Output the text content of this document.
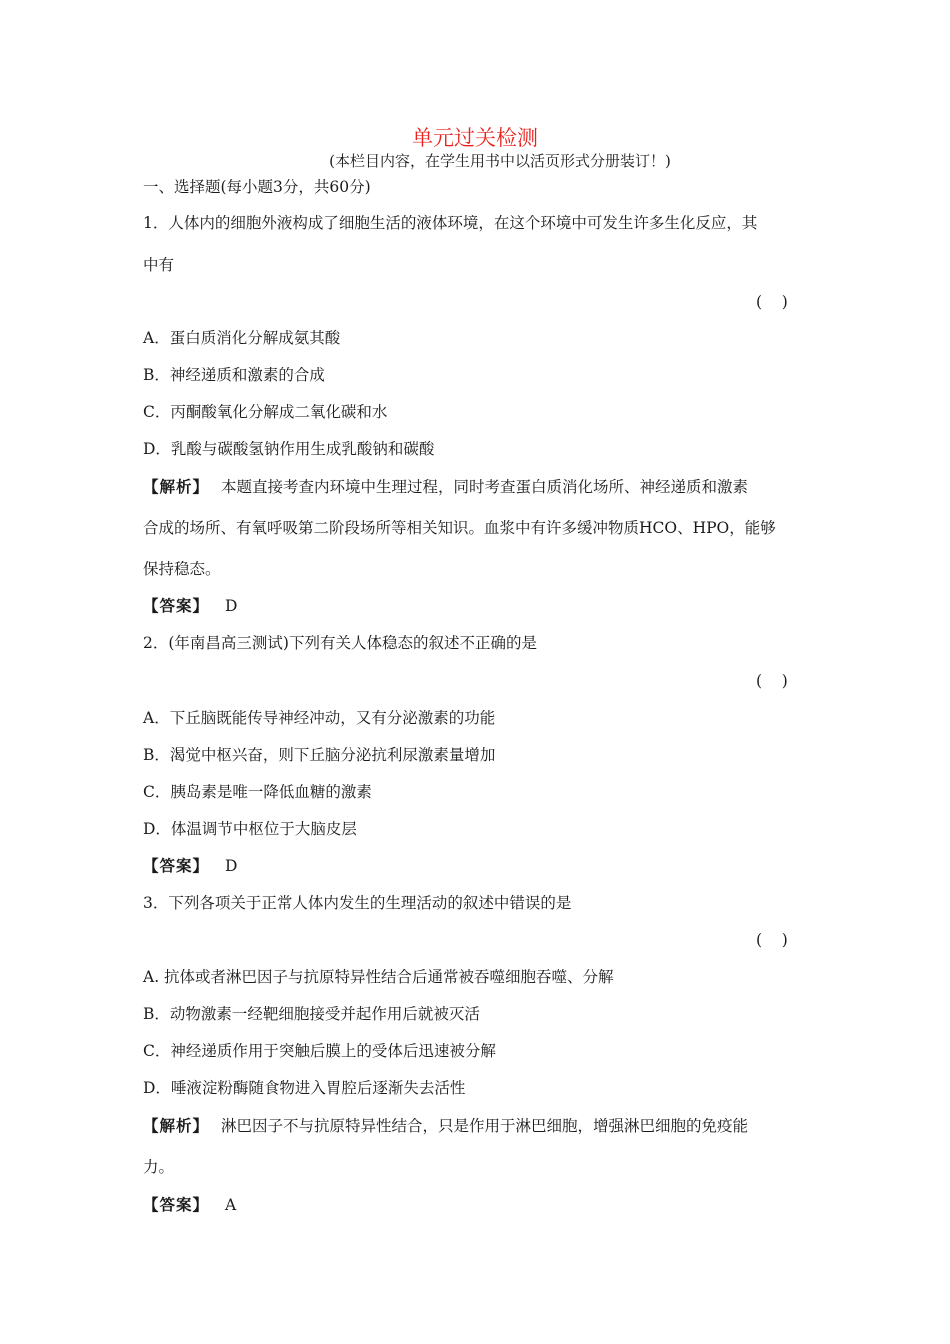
单元过关检测
(本栏目内容，在学生用书中以活页形式分册装订！)
一、选择题(每小题3分，共60分)
1．人体内的细胞外液构成了细胞生活的液体环境，在这个环境中可发生许多生化反应，其
中有
(    )
A．蛋白质消化分解成氨其酸
B．神经递质和激素的合成
C．丙酮酸氧化分解成二氧化碳和水
D．乳酸与碳酸氢钠作用生成乳酸钠和碳酸
【解析】 本题直接考查内环境中生理过程，同时考查蛋白质消化场所、神经递质和激素
合成的场所、有氧呼吸第二阶段场所等相关知识。血浆中有许多缓冲物质HCO、HPO，能够
保持稳态。
【答案】 D
2．(年南昌高三测试)下列有关人体稳态的叙述不正确的是
(    )
A．下丘脑既能传导神经冲动，又有分泌激素的功能
B．渴觉中枢兴奋，则下丘脑分泌抗利尿激素量增加
C．胰岛素是唯一降低血糖的激素
D．体温调节中枢位于大脑皮层
【答案】 D
3．下列各项关于正常人体内发生的生理活动的叙述中错误的是
(    )
A. 抗体或者淋巴因子与抗原特异性结合后通常被吞噬细胞吞噬、分解
B．动物激素一经靶细胞接受并起作用后就被灭活
C．神经递质作用于突触后膜上的受体后迅速被分解
D．唾液淀粉酶随食物进入胃腔后逐渐失去活性
【解析】 淋巴因子不与抗原特异性结合，只是作用于淋巴细胞，增强淋巴细胞的免疫能
力。
【答案】 A
